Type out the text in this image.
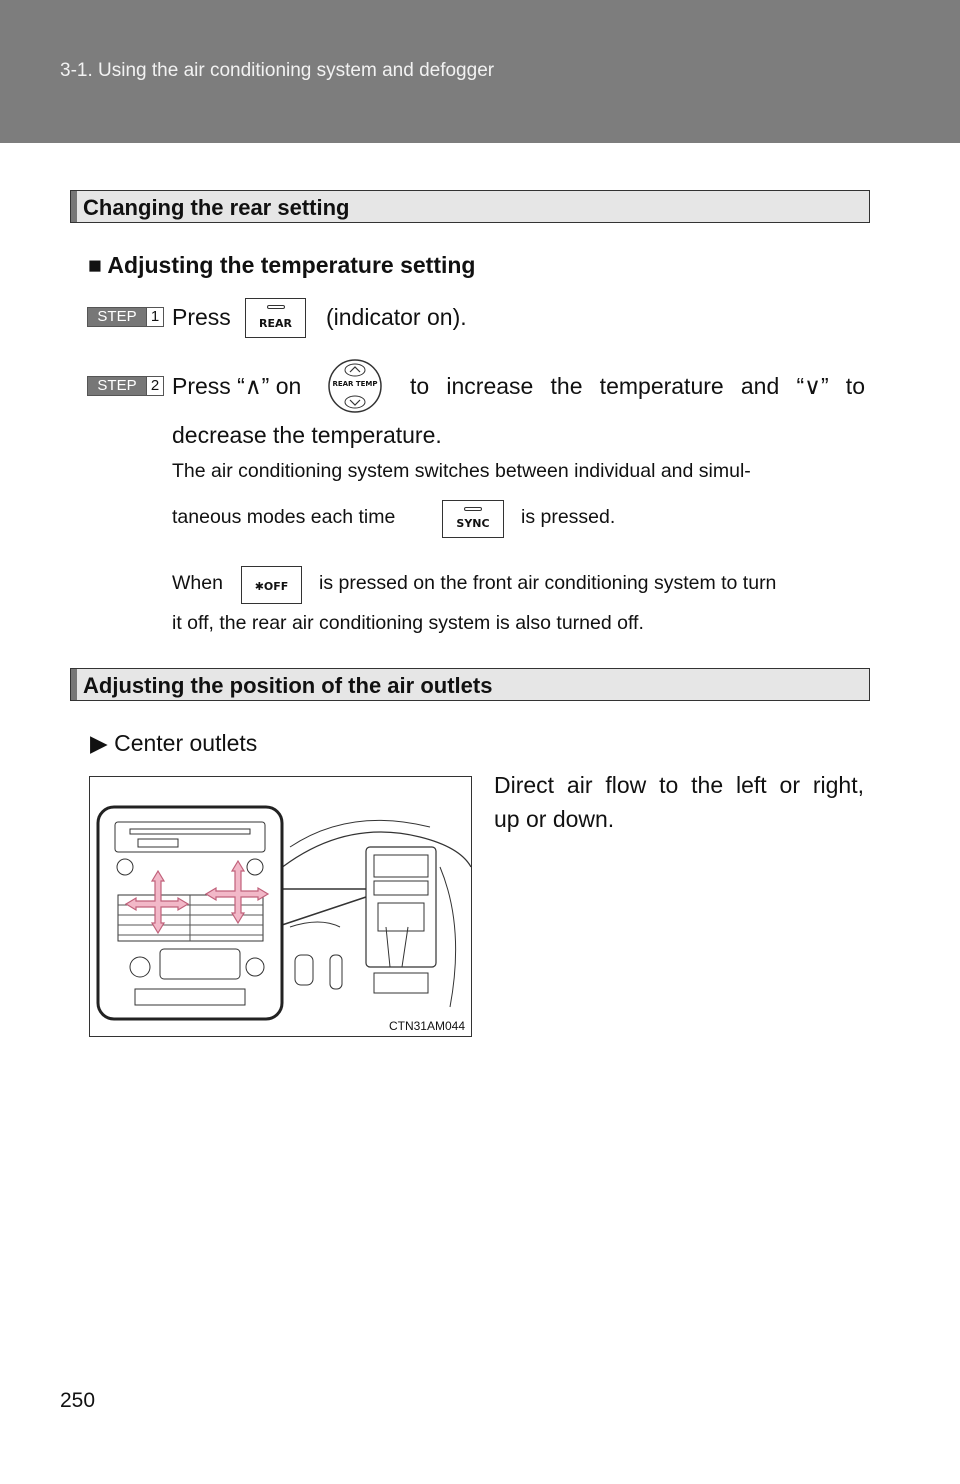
3-1. Using the air conditioning system and defogger
Changing the rear setting
■ Adjusting the temperature setting
STEP 1 Press	REAR	(indicator on).
STEP 2 Press “∧” on	REAR TEMP	to increase the temperature and “∨” to
decrease the temperature.
The air conditioning system switches between individual and simul-
taneous modes each time	SYNC	is pressed.
When	✱OFF	is pressed on the front air conditioning system to turn
it off, the rear air conditioning system is also turned off.
Adjusting the position of the air outlets
▶ Center outlets
Direct air flow to the left or right,
up or down.
CTN31AM044
250
